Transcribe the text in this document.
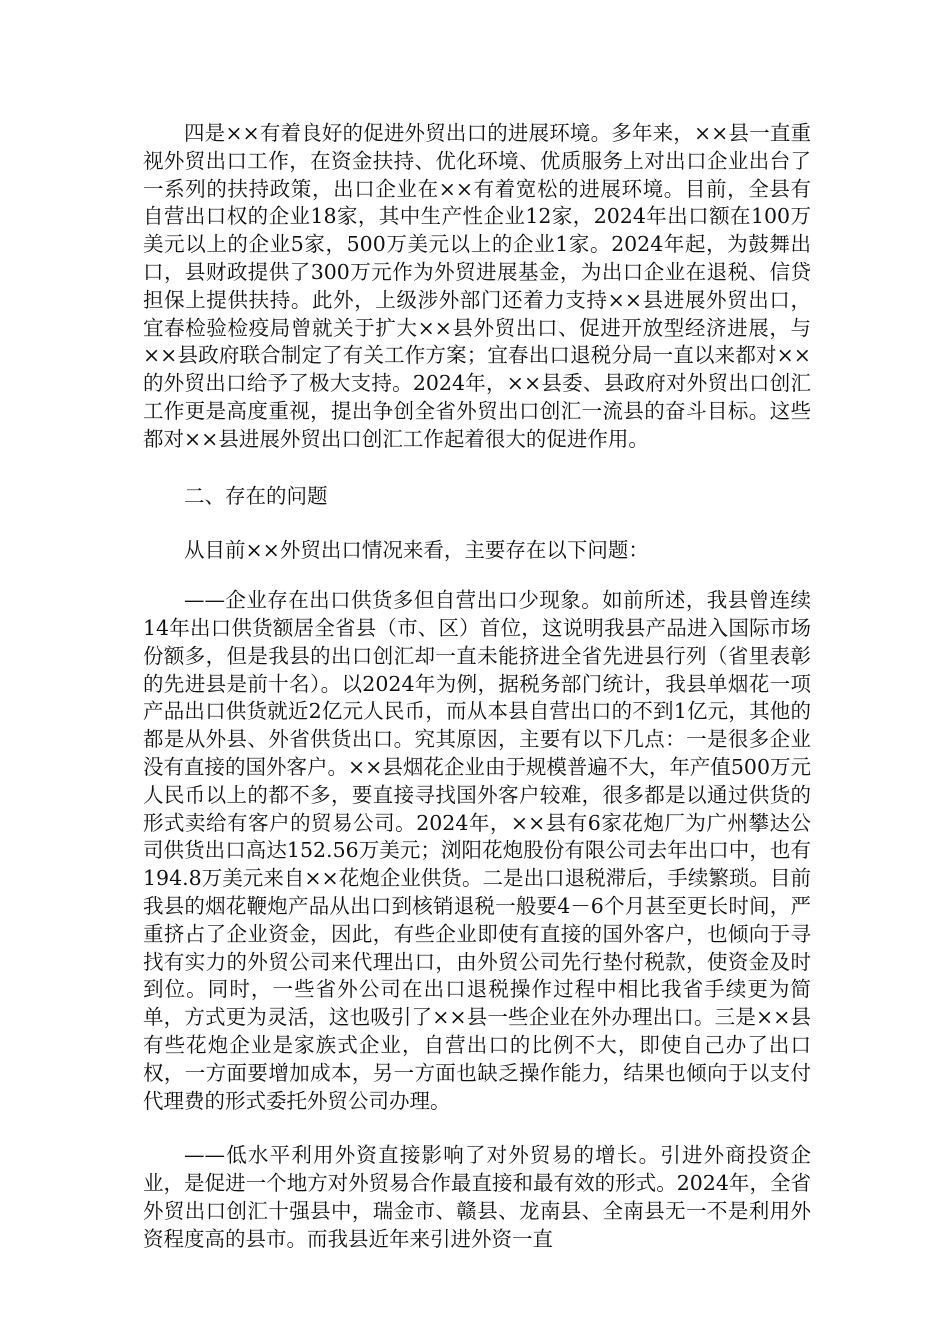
四是××有着良好的促进外贸出口的进展环境。多年来，××县一直重视外贸出口工作，在资金扶持、优化环境、优质服务上对出口企业出台了一系列的扶持政策，出口企业在××有着宽松的进展环境。目前，全县有自营出口权的企业18家，其中生产性企业12家，2024年出口额在100万美元以上的企业5家，500万美元以上的企业1家。2024年起，为鼓舞出口，县财政提供了300万元作为外贸进展基金，为出口企业在退税、信贷担保上提供扶持。此外，上级涉外部门还着力支持××县进展外贸出口，宜春检验检疫局曾就关于扩大××县外贸出口、促进开放型经济进展，与××县政府联合制定了有关工作方案；宜春出口退税分局一直以来都对××的外贸出口给予了极大支持。2024年，××县委、县政府对外贸出口创汇工作更是高度重视，提出争创全省外贸出口创汇一流县的奋斗目标。这些都对××县进展外贸出口创汇工作起着很大的促进作用。

二、存在的问题

从目前××外贸出口情况来看，主要存在以下问题：

——企业存在出口供货多但自营出口少现象。如前所述，我县曾连续14年出口供货额居全省县（市、区）首位，这说明我县产品进入国际市场份额多，但是我县的出口创汇却一直未能挤进全省先进县行列（省里表彰的先进县是前十名）。以2024年为例，据税务部门统计，我县单烟花一项产品出口供货就近2亿元人民币，而从本县自营出口的不到1亿元，其他的都是从外县、外省供货出口。究其原因，主要有以下几点：一是很多企业没有直接的国外客户。××县烟花企业由于规模普遍不大，年产值500万元人民币以上的都不多，要直接寻找国外客户较难，很多都是以通过供货的形式卖给有客户的贸易公司。2024年，××县有6家花炮厂为广州攀达公司供货出口高达152.56万美元；浏阳花炮股份有限公司去年出口中，也有194.8万美元来自××花炮企业供货。二是出口退税滞后，手续繁琐。目前我县的烟花鞭炮产品从出口到核销退税一般要4－6个月甚至更长时间，严重挤占了企业资金，因此，有些企业即使有直接的国外客户，也倾向于寻找有实力的外贸公司来代理出口，由外贸公司先行垫付税款，使资金及时到位。同时，一些省外公司在出口退税操作过程中相比我省手续更为简单，方式更为灵活，这也吸引了××县一些企业在外办理出口。三是××县有些花炮企业是家族式企业，自营出口的比例不大，即使自己办了出口权，一方面要增加成本，另一方面也缺乏操作能力，结果也倾向于以支付代理费的形式委托外贸公司办理。

——低水平利用外资直接影响了对外贸易的增长。引进外商投资企业，是促进一个地方对外贸易合作最直接和最有效的形式。2024年，全省外贸出口创汇十强县中，瑞金市、赣县、龙南县、全南县无一不是利用外资程度高的县市。而我县近年来引进外资一直
